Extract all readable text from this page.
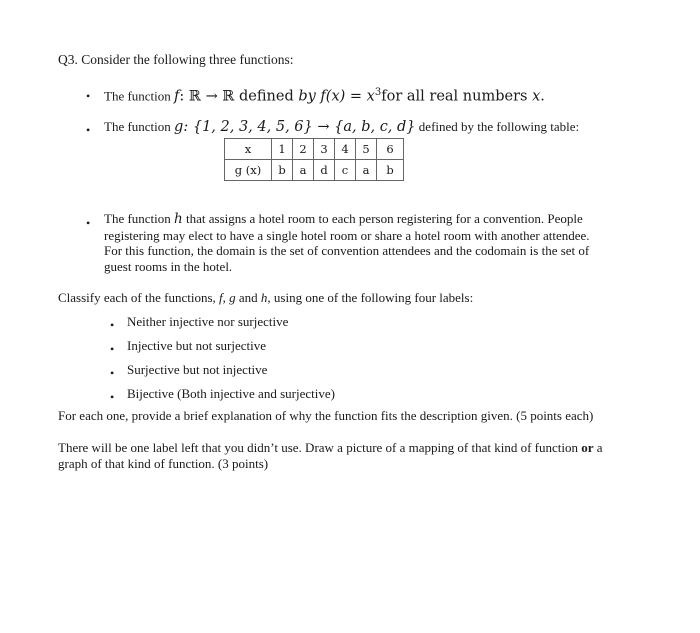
Q3. Consider the following three functions:
• The function f: ℝ → ℝ defined by $f(x) = x^3for$ all real numbers x.
• The function g: {1, 2, 3, 4, 5, 6} → {a, b, c, d} defined by the following table:
x	1	2	3	4	5	6
g (x)	b	a	d	c	a	b
• The function h that assigns a hotel room to each person registering for a convention. People
registering may elect to have a single hotel room or share a hotel room with another attendee.
For this function, the domain is the set of convention attendees and the codomain is the set of
guest rooms in the hotel.
Classify each of the functions, f, g and h, using one of the following four labels:
• Neither injective nor surjective
• Injective but not surjective
• Surjective but not injective
• Bijective (Both injective and surjective)
For each one, provide a brief explanation of why the function fits the description given. (5 points each)
There will be one label left that you didn’t use. Draw a picture of a mapping of that kind of function or a
graph of that kind of function. (3 points)
